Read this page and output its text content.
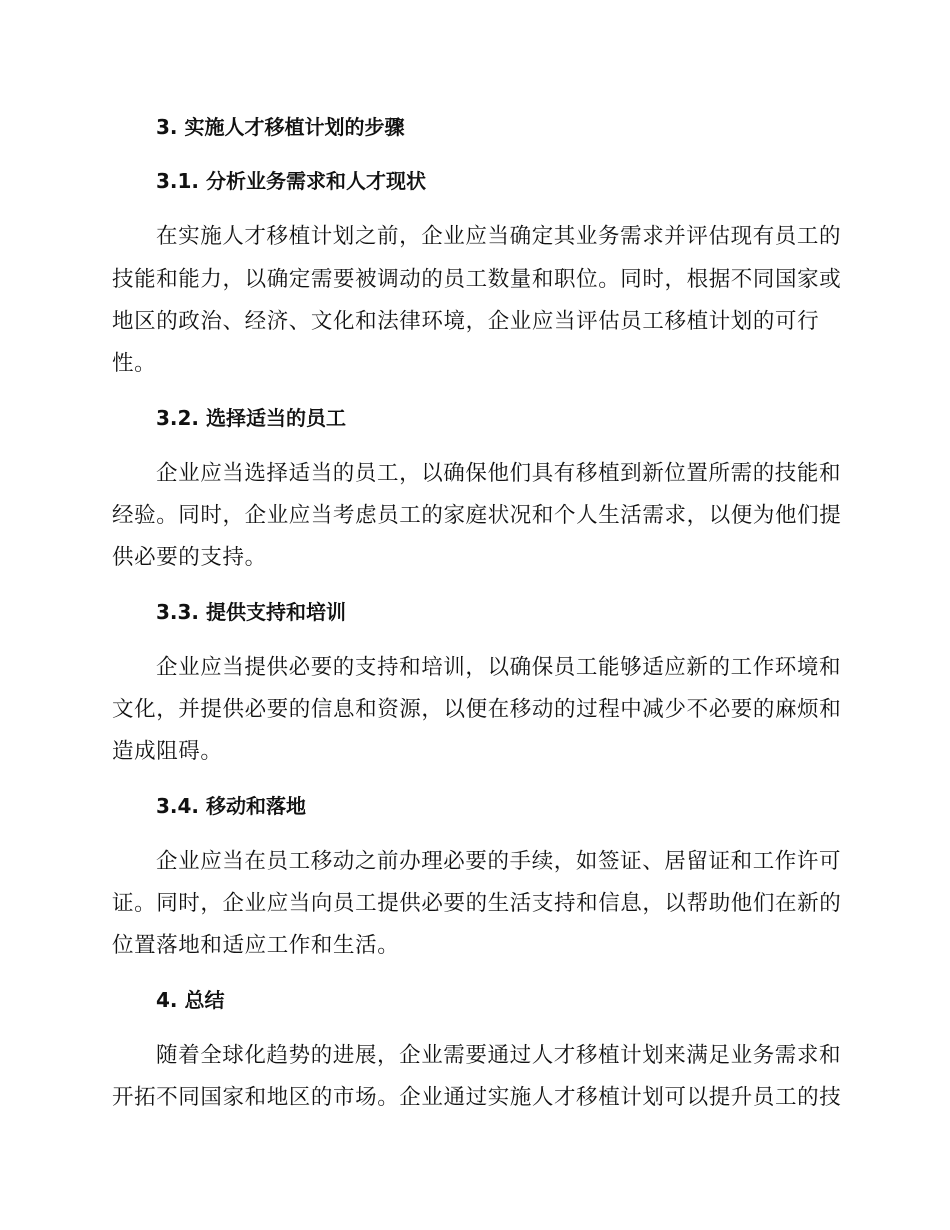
3. 实施人才移植计划的步骤
3.1. 分析业务需求和人才现状
在实施人才移植计划之前，企业应当确定其业务需求并评估现有员工的
技能和能力，以确定需要被调动的员工数量和职位。同时，根据不同国家或
地区的政治、经济、文化和法律环境，企业应当评估员工移植计划的可行
性。
3.2. 选择适当的员工
企业应当选择适当的员工，以确保他们具有移植到新位置所需的技能和
经验。同时，企业应当考虑员工的家庭状况和个人生活需求，以便为他们提
供必要的支持。
3.3. 提供支持和培训
企业应当提供必要的支持和培训，以确保员工能够适应新的工作环境和
文化，并提供必要的信息和资源，以便在移动的过程中减少不必要的麻烦和
造成阻碍。
3.4. 移动和落地
企业应当在员工移动之前办理必要的手续，如签证、居留证和工作许可
证。同时，企业应当向员工提供必要的生活支持和信息，以帮助他们在新的
位置落地和适应工作和生活。
4. 总结
随着全球化趋势的进展，企业需要通过人才移植计划来满足业务需求和
开拓不同国家和地区的市场。企业通过实施人才移植计划可以提升员工的技
